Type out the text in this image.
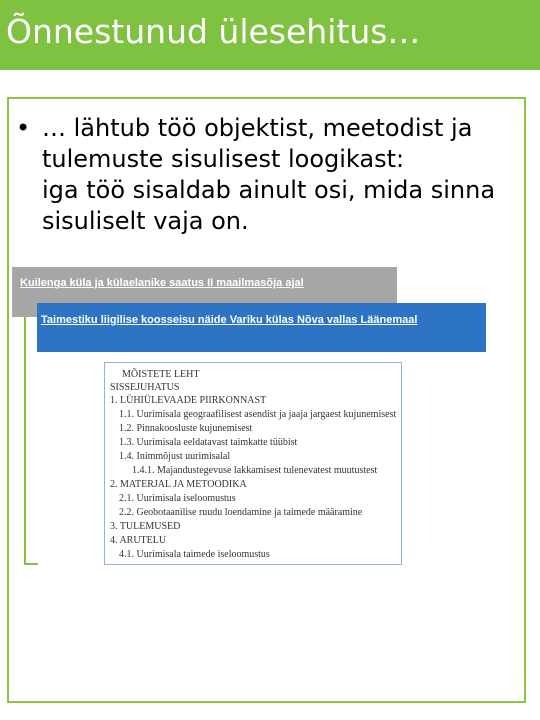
Õnnestunud ülesehitus…
• … lähtub töö objektist, meetodist ja
tulemuste sisulisest loogikast:
iga töö sisaldab ainult osi, mida sinna
sisuliselt vaja on.
Kuilenga küla ja külaelanike saatus II maailmasõja ajal
Taimestiku liigilise koosseisu näide Variku külas Nõva vallas Läänemaal
MÕISTETE LEHT
SISSEJUHATUS
1. LÜHIÜLEVAADE PIIRKONNAST
1.1. Uurimisala geograafilisest asendist ja jaaja jargaest kujunemisest
1.2. Pinnakoosluste kujunemisest
1.3. Uurimisala eeldatavast taimkatte tüübist
1.4. Inimmõjust uurimisalal
1.4.1. Majandustegevuse lakkamisest tulenevatest muutustest
2. MATERJAL JA METOODIKA
2.1. Uurimisala iseloomustus
2.2. Geobotaanilise ruudu loendamine ja taimede määramine
3. TULEMUSED
4. ARUTELU
4.1. Uurimisala taimede iseloomustus
